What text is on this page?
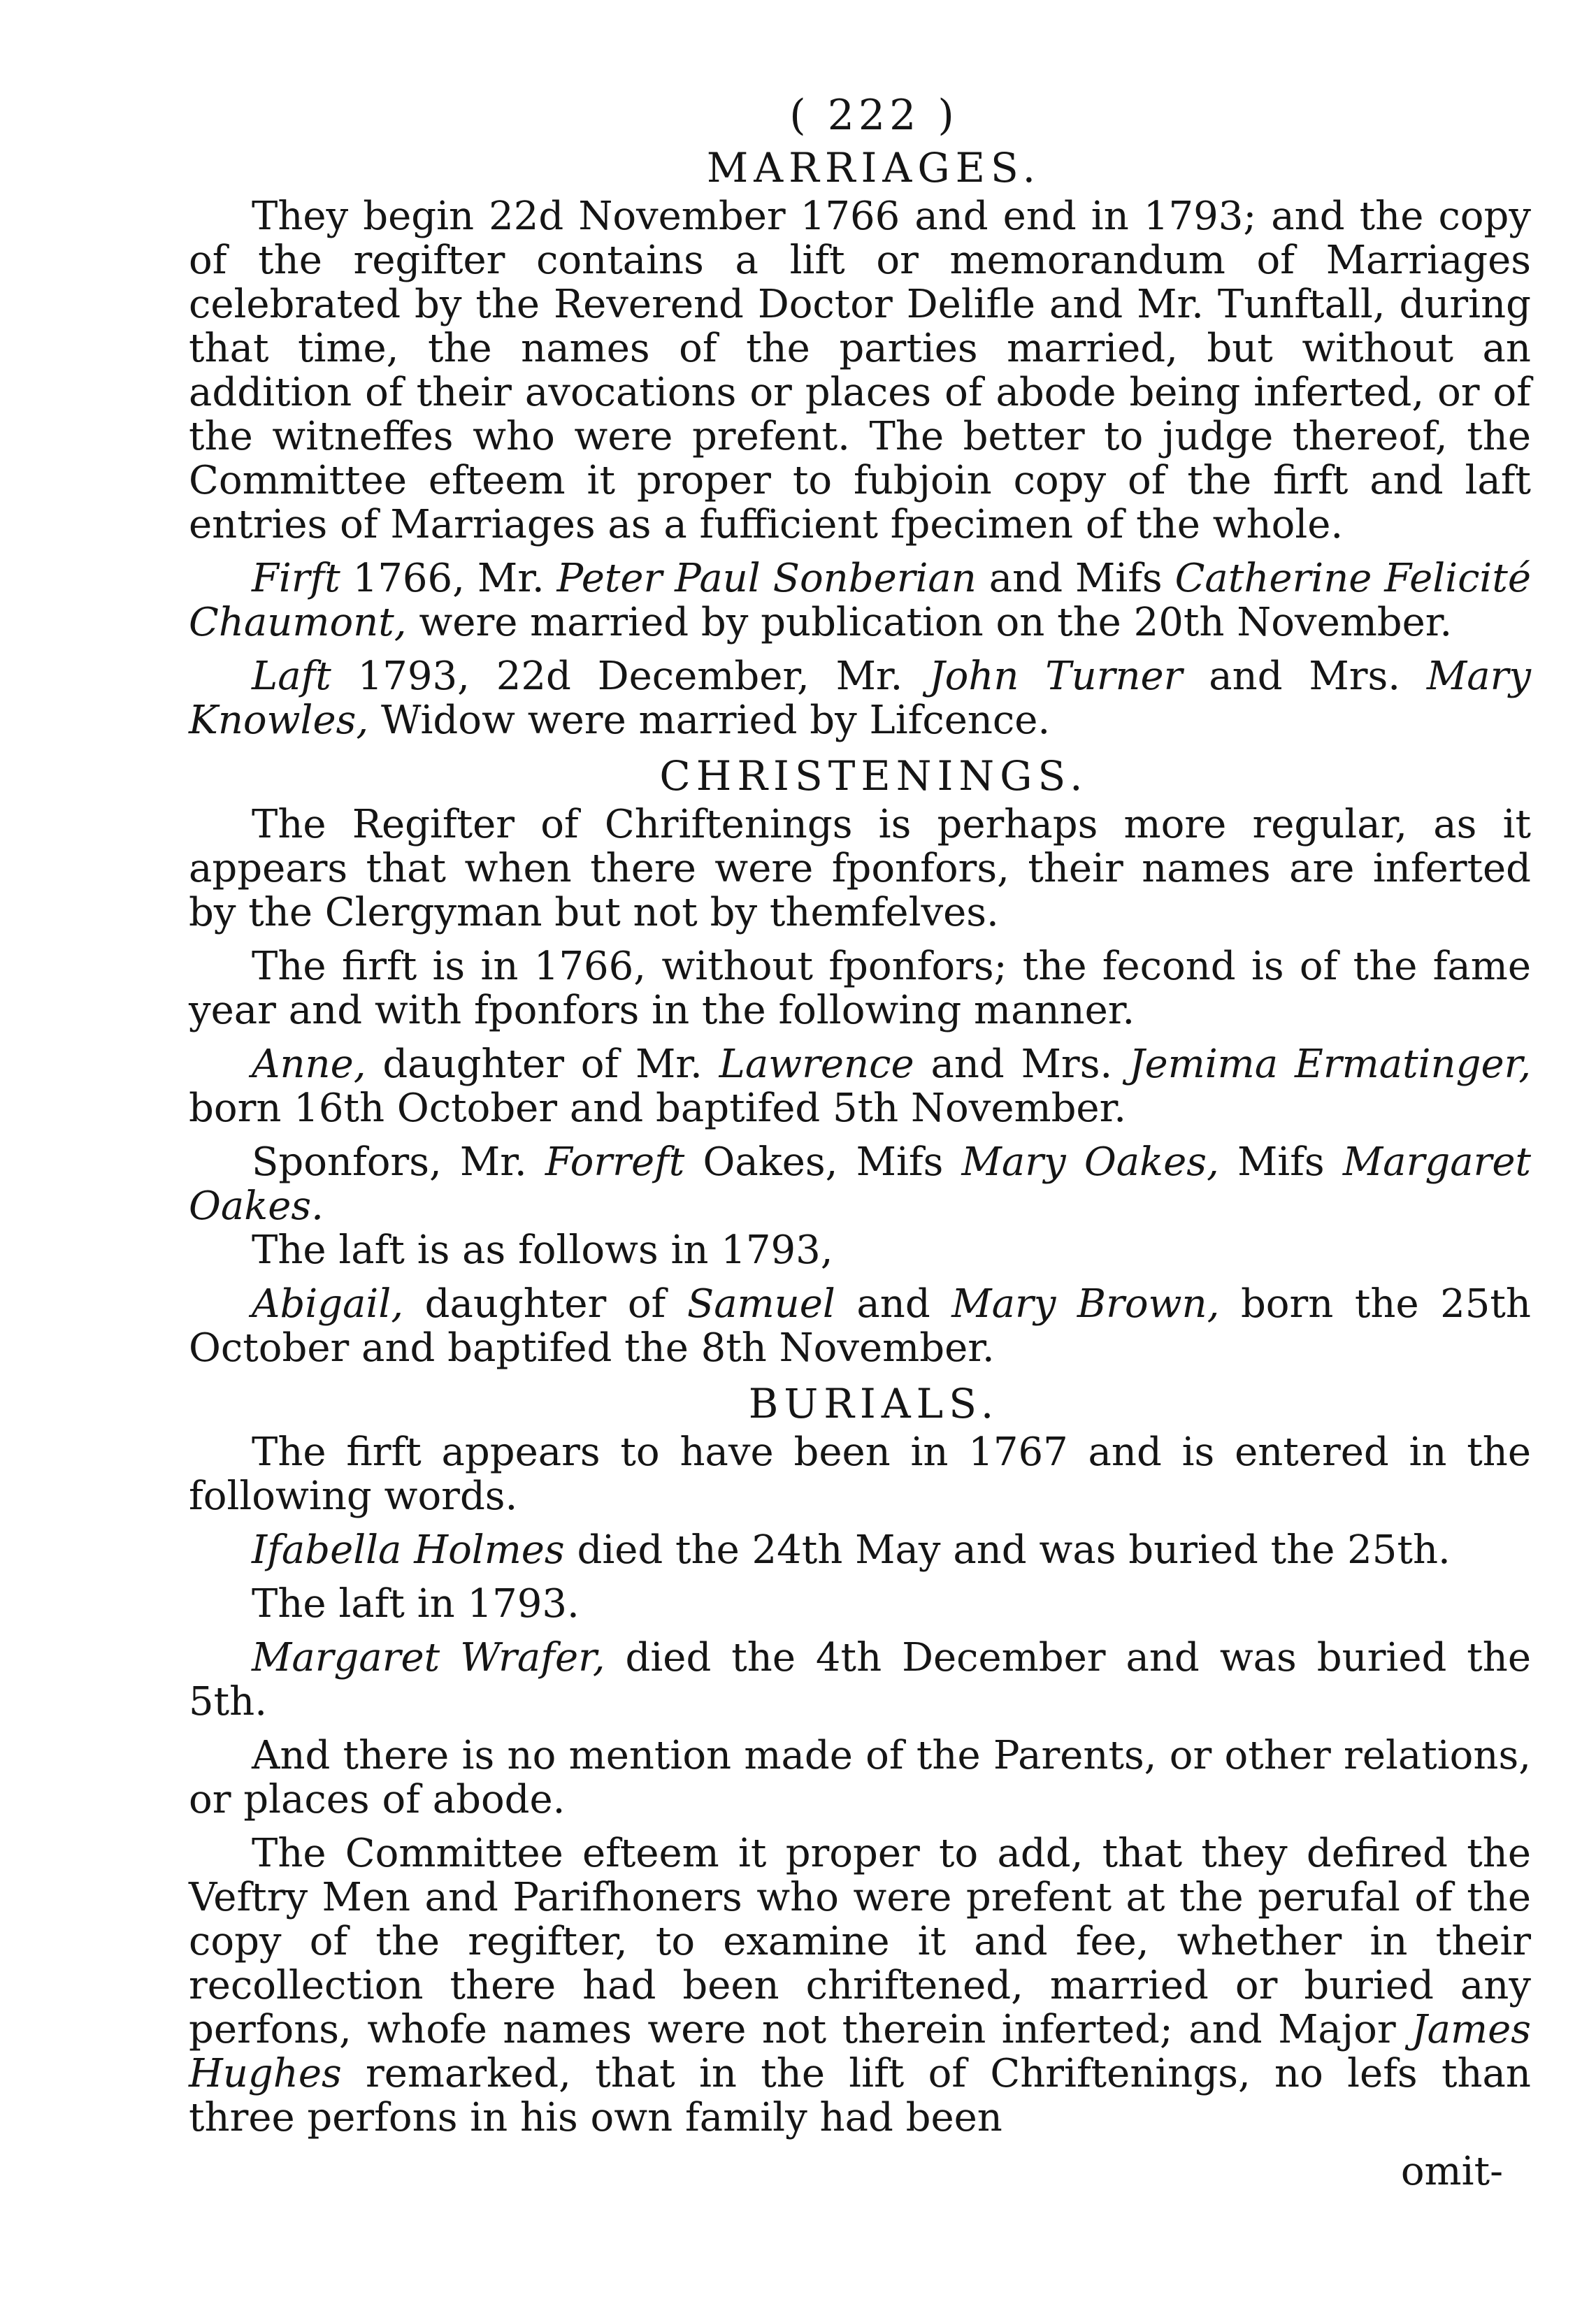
( 222 )
MARRIAGES.

They begin 22d November 1766 and end in 1793; and the copy of the regifter contains a lift or memorandum of Marriages celebrated by the Reverend Doctor Delifle and Mr. Tunftall, during that time, the names of the parties married, but without an addition of their avocations or places of abode being inferted, or of the witneffes who were prefent. The better to judge thereof, the Committee efteem it proper to fubjoin copy of the firft and laft entries of Marriages as a fufficient fpecimen of the whole.

Firft 1766, Mr. Peter Paul Sonberian and Mifs Catherine Felicité Chaumont, were married by publication on the 20th November.

Laft 1793, 22d December, Mr. John Turner and Mrs. Mary Knowles, Widow were married by Lifcence.

CHRISTENINGS.

The Regifter of Chriftenings is perhaps more regular, as it appears that when there were fponfors, their names are inferted by the Clergyman but not by themfelves.

The firft is in 1766, without fponfors; the fecond is of the fame year and with fponfors in the following manner.

Anne, daughter of Mr. Lawrence and Mrs. Jemima Ermatinger, born 16th October and baptifed 5th November.

Sponfors, Mr. Forreft Oakes, Mifs Mary Oakes, Mifs Margaret Oakes.

The laft is as follows in 1793,

Abigail, daughter of Samuel and Mary Brown, born the 25th October and baptifed the 8th November.

BURIALS.

The firft appears to have been in 1767 and is entered in the following words.

Ifabella Holmes died the 24th May and was buried the 25th.

The laft in 1793.

Margaret Wrafer, died the 4th December and was buried the 5th.

And there is no mention made of the Parents, or other relations, or places of abode.

The Committee efteem it proper to add, that they defired the Veftry Men and Parifhoners who were prefent at the perufal of the copy of the regifter, to examine it and fee, whether in their recollection there had been chriftened, married or buried any perfons, whofe names were not therein inferted; and Major James Hughes remarked, that in the lift of Chriftenings, no lefs than three perfons in his own family had been

omit-
